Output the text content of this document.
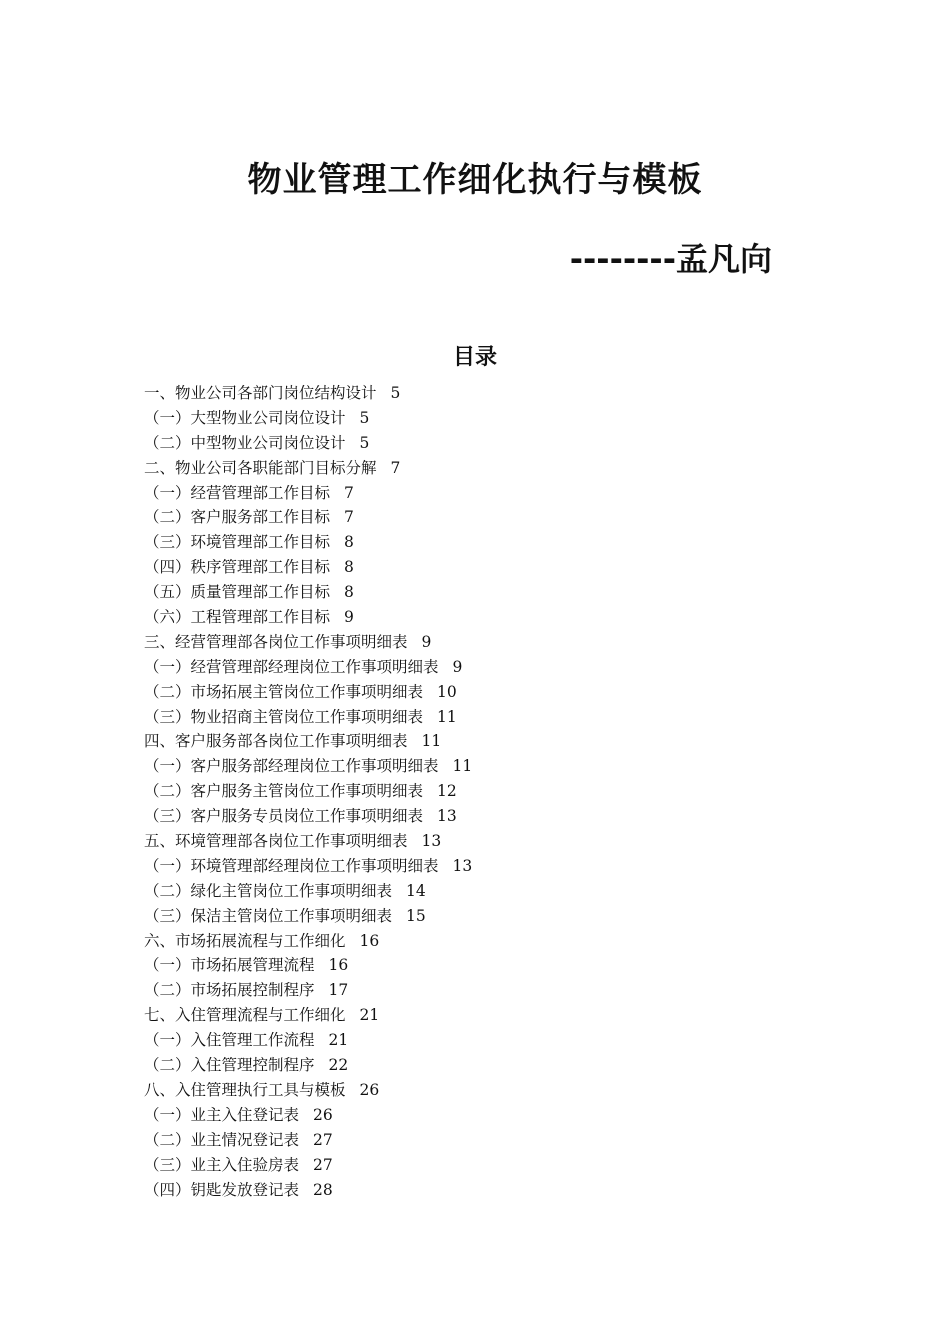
物业管理工作细化执行与模板
--------孟凡向
目录
一、物业公司各部门岗位结构设计 5
（一）大型物业公司岗位设计 5
（二）中型物业公司岗位设计 5
二、物业公司各职能部门目标分解 7
（一）经营管理部工作目标 7
（二）客户服务部工作目标 7
（三）环境管理部工作目标 8
（四）秩序管理部工作目标 8
（五）质量管理部工作目标 8
（六）工程管理部工作目标 9
三、经营管理部各岗位工作事项明细表 9
（一）经营管理部经理岗位工作事项明细表 9
（二）市场拓展主管岗位工作事项明细表 10
（三）物业招商主管岗位工作事项明细表 11
四、客户服务部各岗位工作事项明细表 11
（一）客户服务部经理岗位工作事项明细表 11
（二）客户服务主管岗位工作事项明细表 12
（三）客户服务专员岗位工作事项明细表 13
五、环境管理部各岗位工作事项明细表 13
（一）环境管理部经理岗位工作事项明细表 13
（二）绿化主管岗位工作事项明细表 14
（三）保洁主管岗位工作事项明细表 15
六、市场拓展流程与工作细化 16
（一）市场拓展管理流程 16
（二）市场拓展控制程序 17
七、入住管理流程与工作细化 21
（一）入住管理工作流程 21
（二）入住管理控制程序 22
八、入住管理执行工具与模板 26
（一）业主入住登记表 26
（二）业主情况登记表 27
（三）业主入住验房表 27
（四）钥匙发放登记表 28
